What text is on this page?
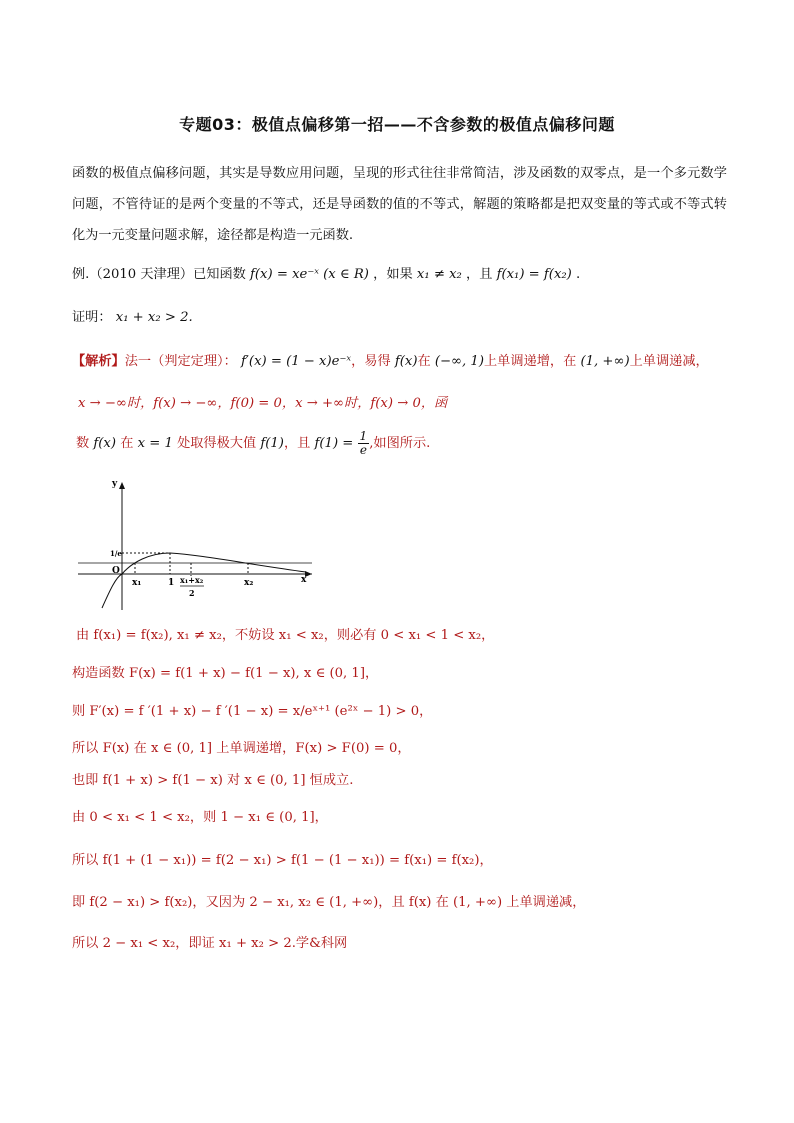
专题03：极值点偏移第一招——不含参数的极值点偏移问题
函数的极值点偏移问题，其实是导数应用问题，呈现的形式往往非常简洁，涉及函数的双零点，是一个多元数学问题，不管待证的是两个变量的不等式，还是导函数的值的不等式，解题的策略都是把双变量的等式或不等式转化为一元变量问题求解，途径都是构造一元函数.
例.（2010 天津理）已知函数 f(x) = xe⁻ˣ (x ∈ R) ，如果 x₁ ≠ x₂ ，且 f(x₁) = f(x₂) .
证明： x₁ + x₂ > 2.
【解析】法一（判定定理）： f′(x) = (1 − x)e⁻ˣ，易得 f(x)在 (−∞, 1)上单调递增，在 (1, +∞)上单调递减，
x → −∞时，f(x) → −∞，f(0) = 0，x → +∞时，f(x) → 0，函
数 f(x) 在 x = 1 处取得极大值 f(1)，且 $f(1) = \frac{1}{e}$ ,如图所示.
y
x
O
1/e
x₁	1 x₁+x₂
2
x₂
由 f(x₁) = f(x₂), x₁ ≠ x₂，不妨设 x₁ < x₂，则必有 0 < x₁ < 1 < x₂，
构造函数 F(x) = f(1 + x) − f(1 − x), x ∈ (0, 1]，
则 F′(x) = f ′(1 + x) − f ′(1 − x) = x/eˣ⁺¹ (e²ˣ − 1) > 0，
所以 F(x) 在 x ∈ (0, 1] 上单调递增，F(x) > F(0) = 0，
也即 f(1 + x) > f(1 − x) 对 x ∈ (0, 1] 恒成立.
由 0 < x₁ < 1 < x₂，则 1 − x₁ ∈ (0, 1]，
所以 f(1 + (1 − x₁)) = f(2 − x₁) > f(1 − (1 − x₁)) = f(x₁) = f(x₂)，
即 f(2 − x₁) > f(x₂)，又因为 2 − x₁, x₂ ∈ (1, +∞)，且 f(x) 在 (1, +∞) 上单调递减，
所以 2 − x₁ < x₂，即证 x₁ + x₂ > 2.学&科网
